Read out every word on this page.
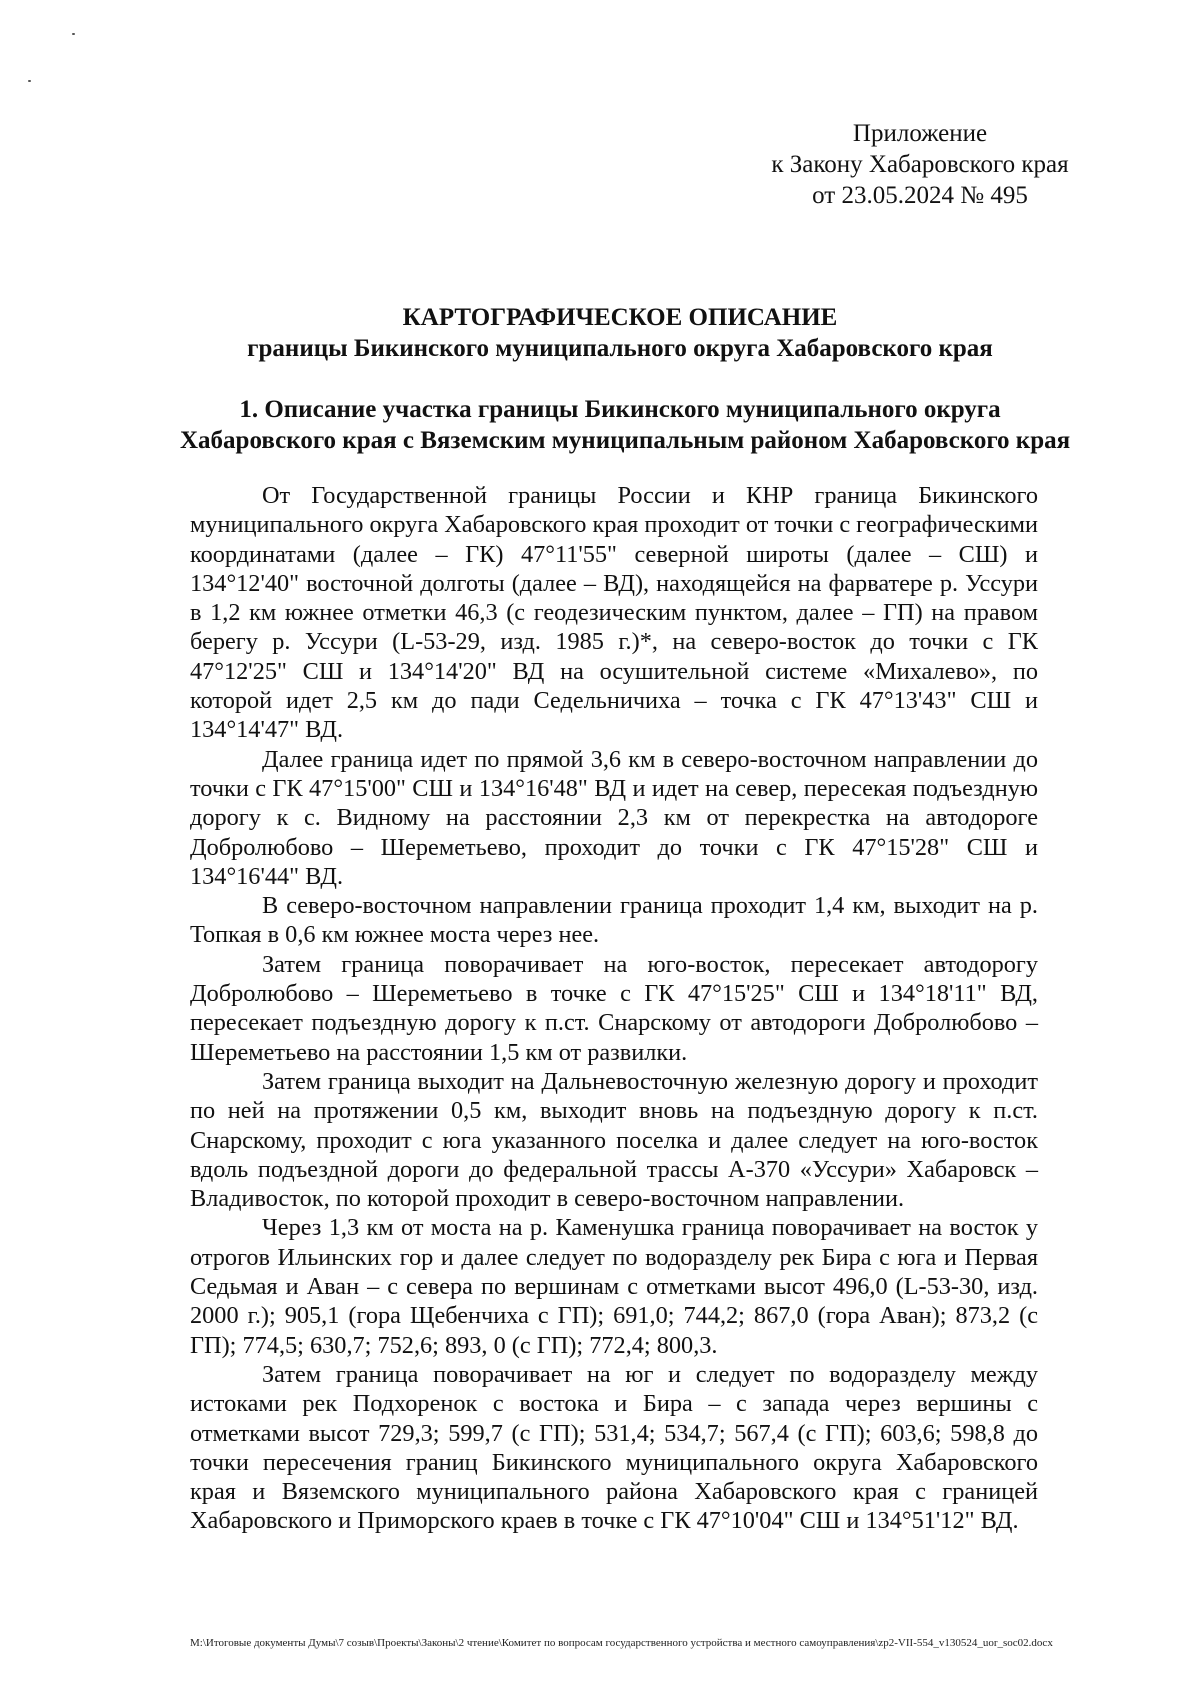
Приложение
к Закону Хабаровского края
от 23.05.2024 № 495
КАРТОГРАФИЧЕСКОЕ ОПИСАНИЕ
границы Бикинского муниципального округа Хабаровского края
1. Описание участка границы Бикинского муниципального округа
Хабаровского края с Вяземским муниципальным районом Хабаровского края

От Государственной границы России и КНР граница Бикинского муниципального округа Хабаровского края проходит от точки с географическими координатами (далее – ГК) 47°11'55" северной широты (далее – СШ) и 134°12'40" восточной долготы (далее – ВД), находящейся на фарватере р. Уссури в 1,2 км южнее отметки 46,3 (с геодезическим пунктом, далее – ГП) на правом берегу р. Уссури (L-53-29, изд. 1985 г.)*, на северо-восток до точки с ГК 47°12'25" СШ и 134°14'20" ВД на осушительной системе «Михалево», по которой идет 2,5 км до пади Седельничиха – точка с ГК 47°13'43" СШ и 134°14'47" ВД.

Далее граница идет по прямой 3,6 км в северо-восточном направлении до точки с ГК 47°15'00" СШ и 134°16'48" ВД и идет на север, пересекая подъездную дорогу к с. Видному на расстоянии 2,3 км от перекрестка на автодороге Добролюбово – Шереметьево, проходит до точки с ГК 47°15'28" СШ и 134°16'44" ВД.

В северо-восточном направлении граница проходит 1,4 км, выходит на р. Топкая в 0,6 км южнее моста через нее.

Затем граница поворачивает на юго-восток, пересекает автодорогу Добролюбово – Шереметьево в точке с ГК 47°15'25" СШ и 134°18'11" ВД, пересекает подъездную дорогу к п.ст. Снарскому от автодороги Добролюбово – Шереметьево на расстоянии 1,5 км от развилки.

Затем граница выходит на Дальневосточную железную дорогу и проходит по ней на протяжении 0,5 км, выходит вновь на подъездную дорогу к п.ст. Снарскому, проходит с юга указанного поселка и далее следует на юго-восток вдоль подъездной дороги до федеральной трассы А-370 «Уссури» Хабаровск – Владивосток, по которой проходит в северо-восточном направлении.

Через 1,3 км от моста на р. Каменушка граница поворачивает на восток у отрогов Ильинских гор и далее следует по водоразделу рек Бира с юга и Первая Седьмая и Аван – с севера по вершинам с отметками высот 496,0 (L-53-30, изд. 2000 г.); 905,1 (гора Щебенчиха с ГП); 691,0; 744,2; 867,0 (гора Аван); 873,2 (с ГП); 774,5; 630,7; 752,6; 893, 0 (с ГП); 772,4; 800,3.

Затем граница поворачивает на юг и следует по водоразделу между истоками рек Подхоренок с востока и Бира – с запада через вершины с отметками высот 729,3; 599,7 (с ГП); 531,4; 534,7; 567,4 (с ГП); 603,6; 598,8 до точки пересечения границ Бикинского муниципального округа Хабаровского края и Вяземского муниципального района Хабаровского края с границей Хабаровского и Приморского краев в точке с ГК 47°10'04" СШ и 134°51'12" ВД.

M:\Итоговые документы Думы\7 созыв\Проекты\Законы\2 чтение\Комитет по вопросам государственного устройства и местного самоуправления\zp2-VII-554_v130524_uor_soc02.docx
